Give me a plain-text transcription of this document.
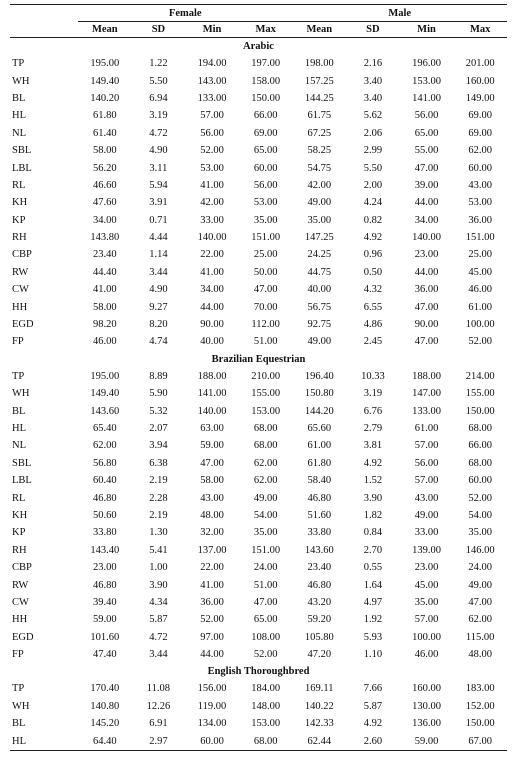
	Female				Male			
	Mean	SD	Min	Max	Mean	SD	Min	Max
Arabic								
TP	195.00	1.22	194.00	197.00	198.00	2.16	196.00	201.00
WH	149.40	5.50	143.00	158.00	157.25	3.40	153.00	160.00
BL	140.20	6.94	133.00	150.00	144.25	3.40	141.00	149.00
HL	61.80	3.19	57.00	66.00	61.75	5.62	56.00	69.00
NL	61.40	4.72	56.00	69.00	67.25	2.06	65.00	69.00
SBL	58.00	4.90	52.00	65.00	58.25	2.99	55.00	62.00
LBL	56.20	3.11	53.00	60.00	54.75	5.50	47.00	60.00
RL	46.60	5.94	41.00	56.00	42.00	2.00	39.00	43.00
KH	47.60	3.91	42.00	53.00	49.00	4.24	44.00	53.00
KP	34.00	0.71	33.00	35.00	35.00	0.82	34.00	36.00
RH	143.80	4.44	140.00	151.00	147.25	4.92	140.00	151.00
CBP	23.40	1.14	22.00	25.00	24.25	0.96	23.00	25.00
RW	44.40	3.44	41.00	50.00	44.75	0.50	44.00	45.00
CW	41.00	4.90	34.00	47.00	40.00	4.32	36.00	46.00
HH	58.00	9.27	44.00	70.00	56.75	6.55	47.00	61.00
EGD	98.20	8.20	90.00	112.00	92.75	4.86	90.00	100.00
FP	46.00	4.74	40.00	51.00	49.00	2.45	47.00	52.00
Brazilian Equestrian								
TP	195.00	8.89	188.00	210.00	196.40	10.33	188.00	214.00
WH	149.40	5.90	141.00	155.00	150.80	3.19	147.00	155.00
BL	143.60	5.32	140.00	153.00	144.20	6.76	133.00	150.00
HL	65.40	2.07	63.00	68.00	65.60	2.79	61.00	68.00
NL	62.00	3.94	59.00	68.00	61.00	3.81	57.00	66.00
SBL	56.80	6.38	47.00	62.00	61.80	4.92	56.00	68.00
LBL	60.40	2.19	58.00	62.00	58.40	1.52	57.00	60.00
RL	46.80	2.28	43.00	49.00	46.80	3.90	43.00	52.00
KH	50.60	2.19	48.00	54.00	51.60	1.82	49.00	54.00
KP	33.80	1.30	32.00	35.00	33.80	0.84	33.00	35.00
RH	143.40	5.41	137.00	151.00	143.60	2.70	139.00	146.00
CBP	23.00	1.00	22.00	24.00	23.40	0.55	23.00	24.00
RW	46.80	3.90	41.00	51.00	46.80	1.64	45.00	49.00
CW	39.40	4.34	36.00	47.00	43.20	4.97	35.00	47.00
HH	59.00	5.87	52.00	65.00	59.20	1.92	57.00	62.00
EGD	101.60	4.72	97.00	108.00	105.80	5.93	100.00	115.00
FP	47.40	3.44	44.00	52.00	47.20	1.10	46.00	48.00
English Thoroughbred								
TP	170.40	11.08	156.00	184.00	169.11	7.66	160.00	183.00
WH	140.80	12.26	119.00	148.00	140.22	5.87	130.00	152.00
BL	145.20	6.91	134.00	153.00	142.33	4.92	136.00	150.00
HL	64.40	2.97	60.00	68.00	62.44	2.60	59.00	67.00
